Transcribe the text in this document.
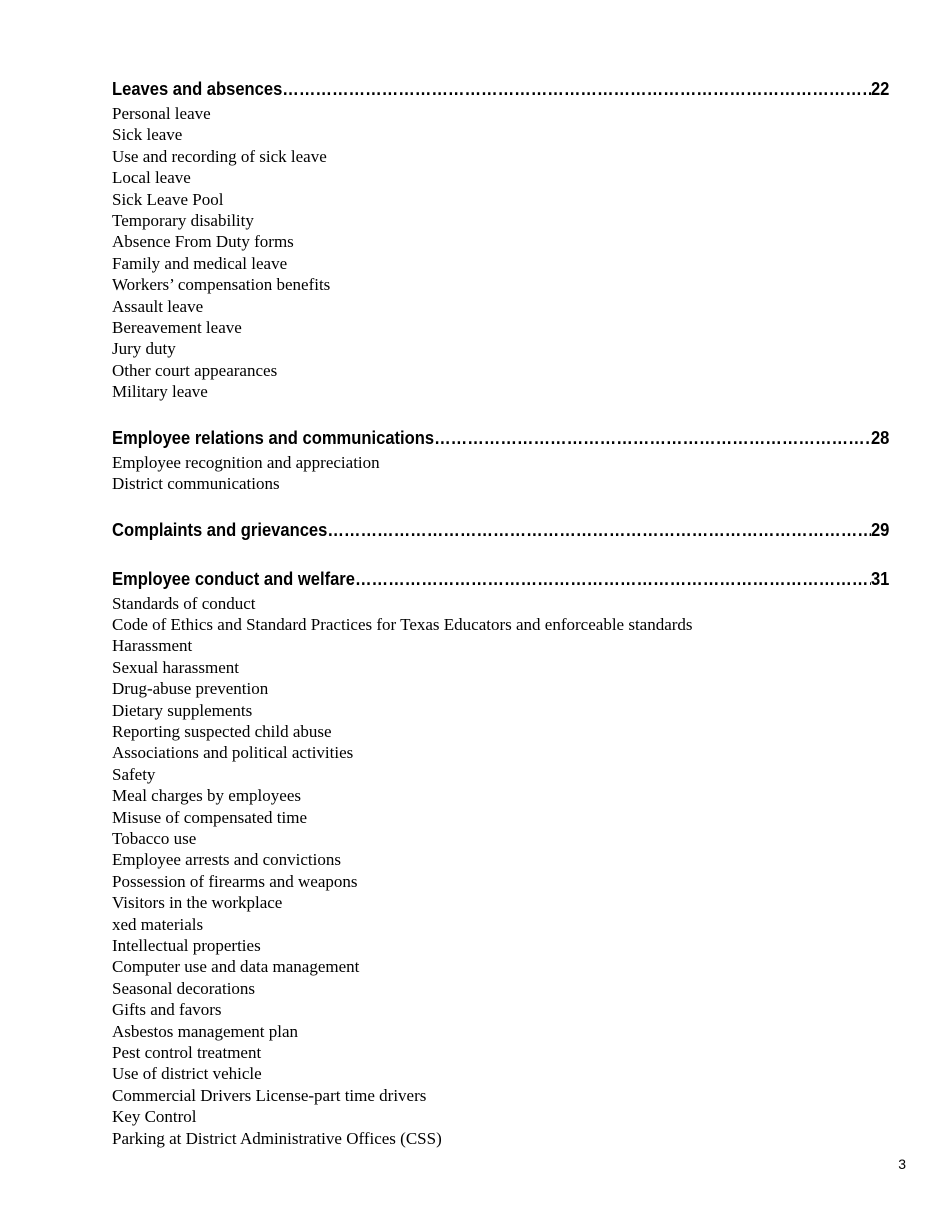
Leaves and absences …………………………………………………………………………………………………………………………………………………………………………	22
Personal leave
Sick leave
Use and recording of sick leave
Local leave
Sick Leave Pool
Temporary disability
Absence From Duty forms
Family and medical leave
Workers’ compensation benefits
Assault leave
Bereavement leave
Jury duty
Other court appearances
Military leave
Employee relations and communications …………………………………………………………………………………………………………………………………………………………………………	28
Employee recognition and appreciation
District communications
Complaints and grievances …………………………………………………………………………………………………………………………………………………………………………	29
Employee conduct and welfare …………………………………………………………………………………………………………………………………………………………………………	31
Standards of conduct
Code of Ethics and Standard Practices for Texas Educators and enforceable standards
Harassment
Sexual harassment
Drug-abuse prevention
Dietary supplements
Reporting suspected child abuse
Associations and political activities
Safety
Meal charges by employees
Misuse of compensated time
Tobacco use
Employee arrests and convictions
Possession of firearms and weapons
Visitors in the workplace
xed materials
Intellectual properties
Computer use and data management
Seasonal decorations
Gifts and favors
Asbestos management plan
Pest control treatment
Use of district vehicle
Commercial Drivers License-part time drivers
Key Control
Parking at District Administrative Offices (CSS)
3
